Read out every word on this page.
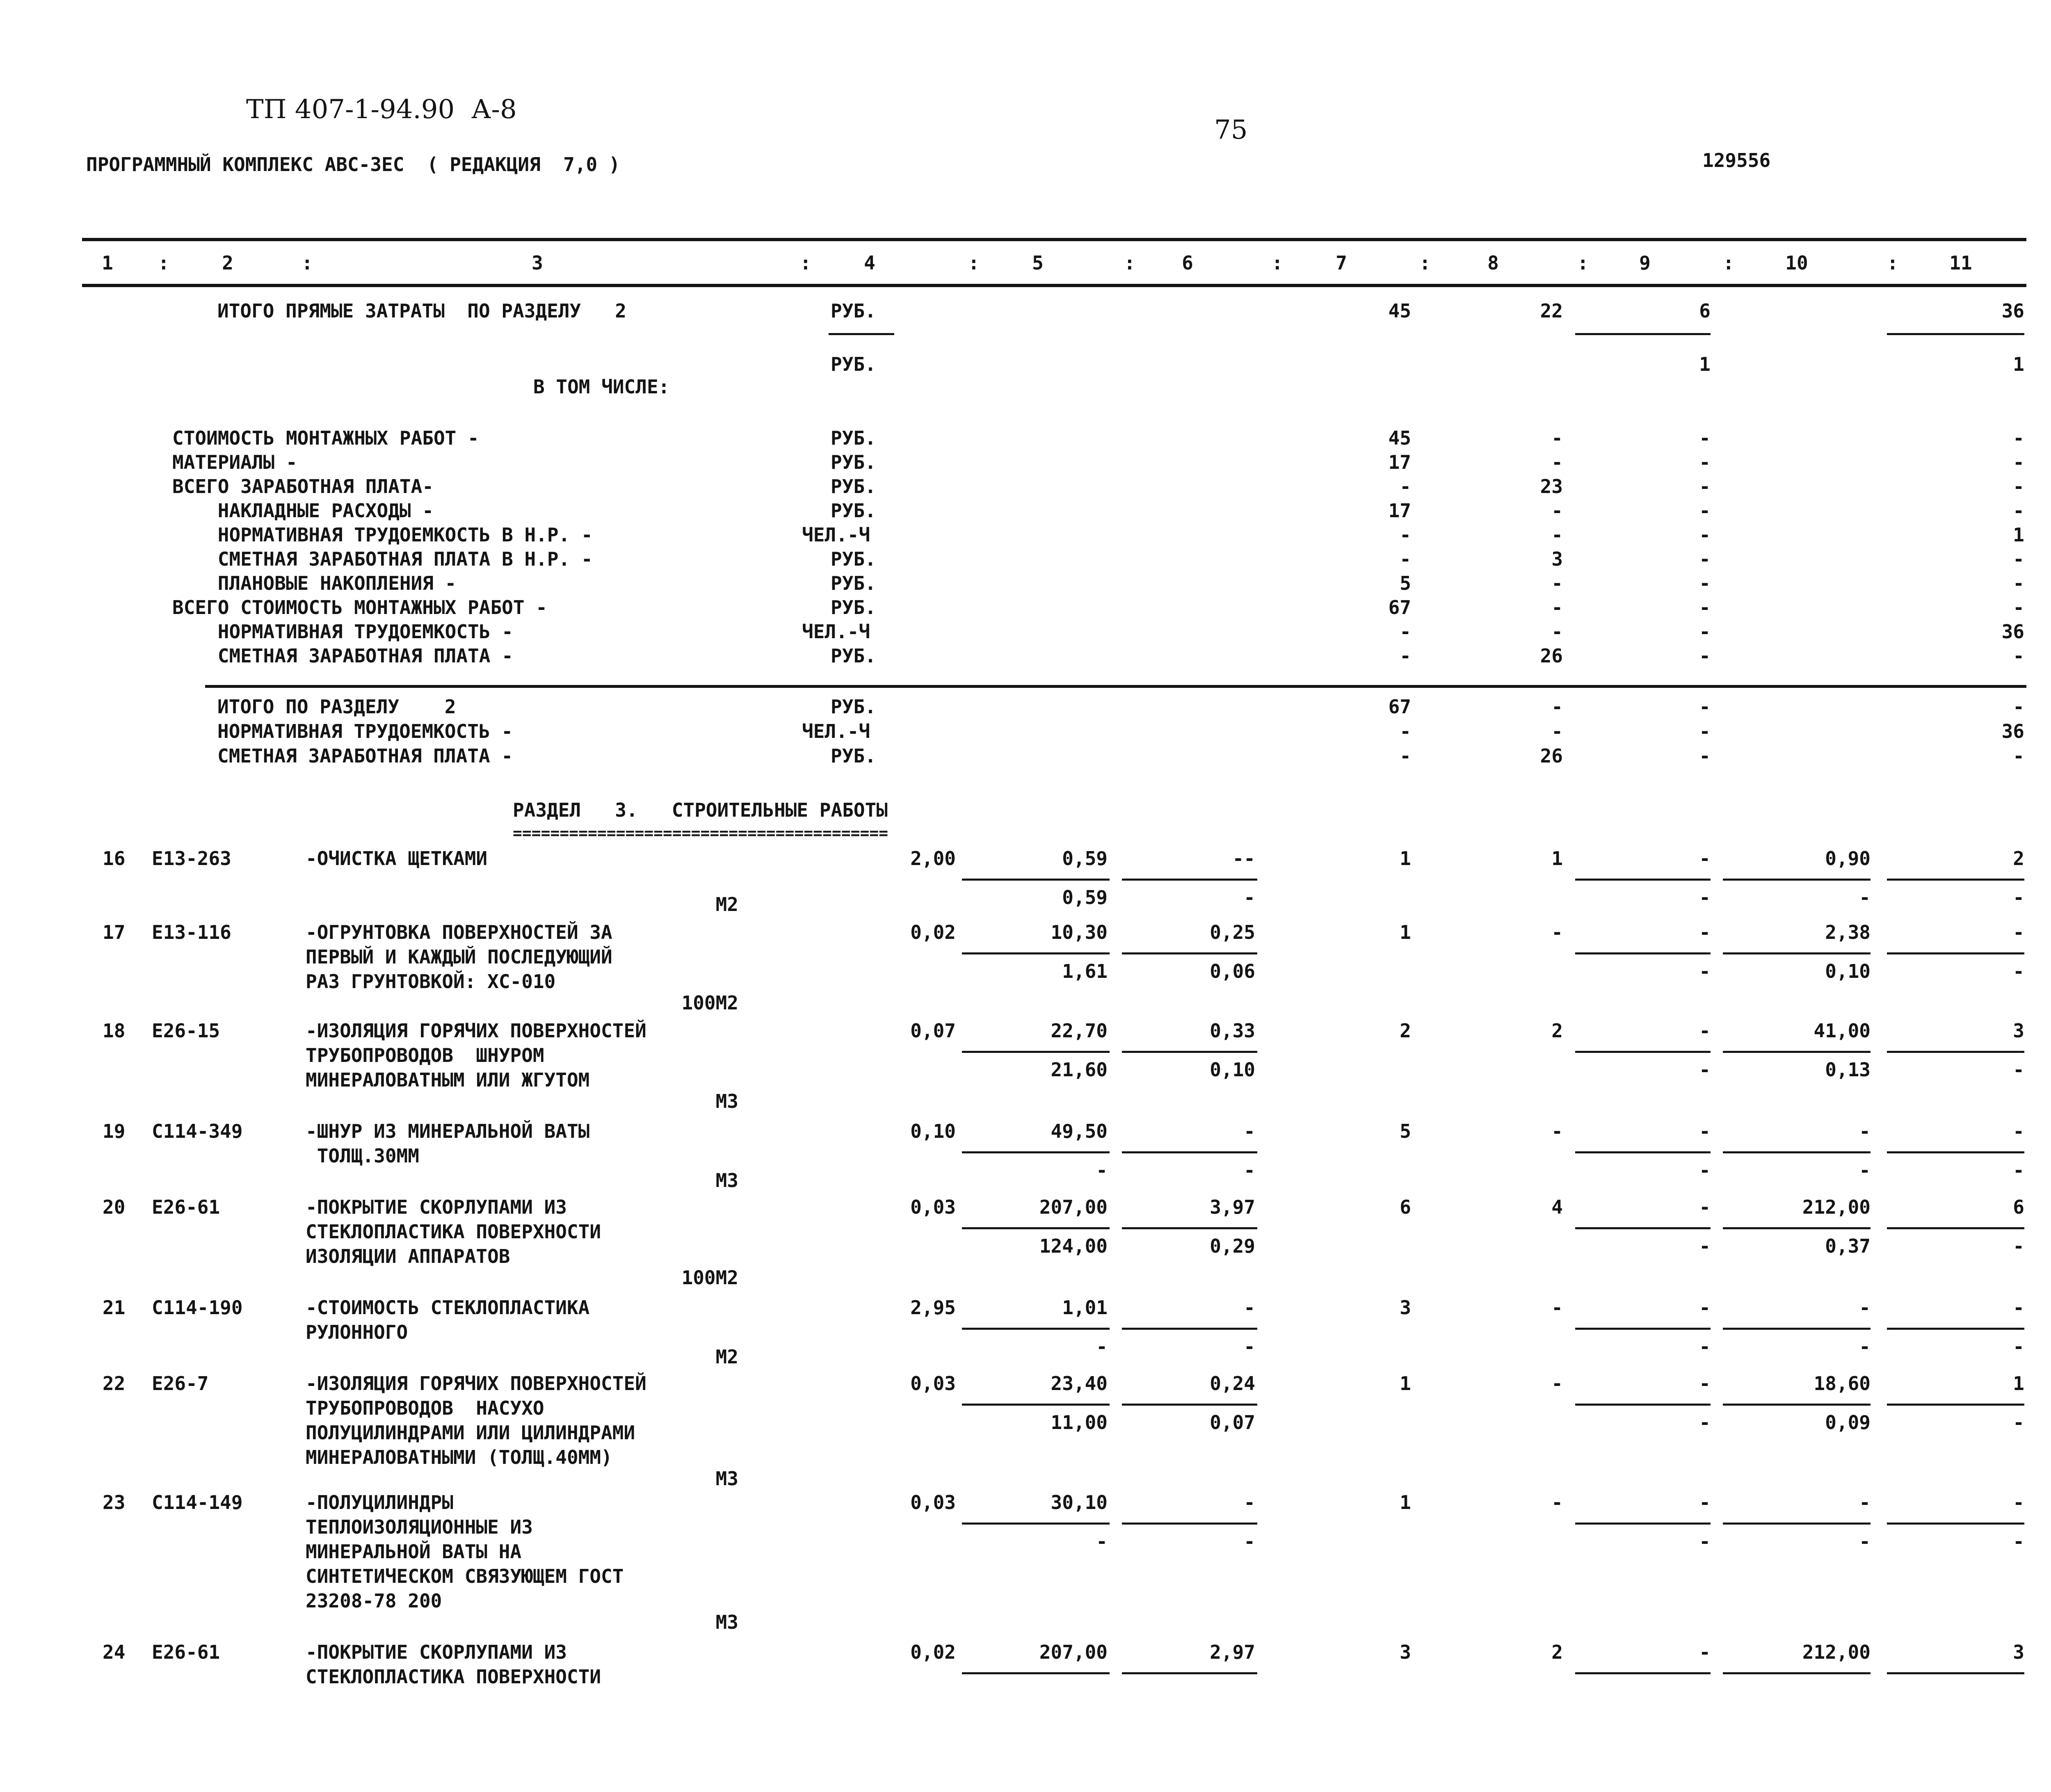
ТП 407-1-94.90  А-8
75
ПРОГРАММНЫЙ КОМПЛЕКС АВС-ЗЕС  ( РЕДАКЦИЯ  7,0 )	129556
1	2	3	4	5	6	7	8	9	10	11
:	:	:	:	:	:	:	:	:	:
ИТОГО ПРЯМЫЕ ЗАТРАТЫ  ПО РАЗДЕЛУ   2	РУБ.	45	22	6	36
РУБ.	1	1
В ТОМ ЧИСЛЕ:
СТОИМОСТЬ МОНТАЖНЫХ РАБОТ -	РУБ.	45	-	-	-
МАТЕРИАЛЫ -	РУБ.	17	-	-	-
ВСЕГО ЗАРАБОТНАЯ ПЛАТА-	РУБ.	-	23	-	-
НАКЛАДНЫЕ РАСХОДЫ -	РУБ.	17	-	-	-
НОРМАТИВНАЯ ТРУДОЕМКОСТЬ В Н.Р. -	ЧЕЛ.-Ч	-	-	-	1
СМЕТНАЯ ЗАРАБОТНАЯ ПЛАТА В Н.Р. -	РУБ.	-	3	-	-
ПЛАНОВЫЕ НАКОПЛЕНИЯ -	РУБ.	5	-	-	-
ВСЕГО СТОИМОСТЬ МОНТАЖНЫХ РАБОТ -	РУБ.	67	-	-	-
НОРМАТИВНАЯ ТРУДОЕМКОСТЬ -	ЧЕЛ.-Ч	-	-	-	36
СМЕТНАЯ ЗАРАБОТНАЯ ПЛАТА -	РУБ.	-	26	-	-
ИТОГО ПО РАЗДЕЛУ    2	РУБ.	67	-	-	-
НОРМАТИВНАЯ ТРУДОЕМКОСТЬ -	ЧЕЛ.-Ч	-	-	-	36
СМЕТНАЯ ЗАРАБОТНАЯ ПЛАТА -	РУБ.	-	26	-	-
РАЗДЕЛ   3.   СТРОИТЕЛЬНЫЕ РАБОТЫ
========================================
16 Е13-263	-ОЧИСТКА ЩЕТКАМИ	2,00	0,59	--	1	1	-	0,90	2
0,59	-	-	-	-
М2
17 Е13-116	-ОГРУНТОВКА ПОВЕРХНОСТЕЙ ЗА
ПЕРВЫЙ И КАЖДЫЙ ПОСЛЕДУЮЩИЙ
РАЗ ГРУНТОВКОЙ: ХС-010
0,02	10,30	0,25	1	-	-	2,38	-
1,61	0,06	-	0,10	-
100М2
18 Е26-15	-ИЗОЛЯЦИЯ ГОРЯЧИХ ПОВЕРХНОСТЕЙ
ТРУБОПРОВОДОВ  ШНУРОМ
МИНЕРАЛОВАТНЫМ ИЛИ ЖГУТОМ
0,07	22,70	0,33	2	2	-	41,00	3
21,60	0,10	-	0,13	-
М3
19 С114-349	-ШНУР ИЗ МИНЕРАЛЬНОЙ ВАТЫ
ТОЛЩ.30ММ
0,10	49,50	-	5	-	-	-	-
-	-	-	-	-
М3
20 Е26-61	-ПОКРЫТИЕ СКОРЛУПАМИ ИЗ
СТЕКЛОПЛАСТИКА ПОВЕРХНОСТИ
ИЗОЛЯЦИИ АППАРАТОВ
0,03	207,00	3,97	6	4	-	212,00	6
124,00	0,29	-	0,37	-
100М2
21 С114-190	-СТОИМОСТЬ СТЕКЛОПЛАСТИКА
РУЛОННОГО
2,95	1,01	-	3	-	-	-	-
-	-	-	-	-
М2
22 Е26-7	-ИЗОЛЯЦИЯ ГОРЯЧИХ ПОВЕРХНОСТЕЙ
ТРУБОПРОВОДОВ  НАСУХО
ПОЛУЦИЛИНДРАМИ ИЛИ ЦИЛИНДРАМИ
МИНЕРАЛОВАТНЫМИ (ТОЛЩ.40ММ)
0,03	23,40	0,24	1	-	-	18,60	1
11,00	0,07	-	0,09	-
М3
23 С114-149	-ПОЛУЦИЛИНДРЫ
ТЕПЛОИЗОЛЯЦИОННЫЕ ИЗ
МИНЕРАЛЬНОЙ ВАТЫ НА
СИНТЕТИЧЕСКОМ СВЯЗУЮЩЕМ ГОСТ
23208-78 200
0,03	30,10	-	1	-	-	-	-
-	-	-	-	-
М3
24 Е26-61	-ПОКРЫТИЕ СКОРЛУПАМИ ИЗ
СТЕКЛОПЛАСТИКА ПОВЕРХНОСТИ
0,02	207,00	2,97	3	2	-	212,00	3
